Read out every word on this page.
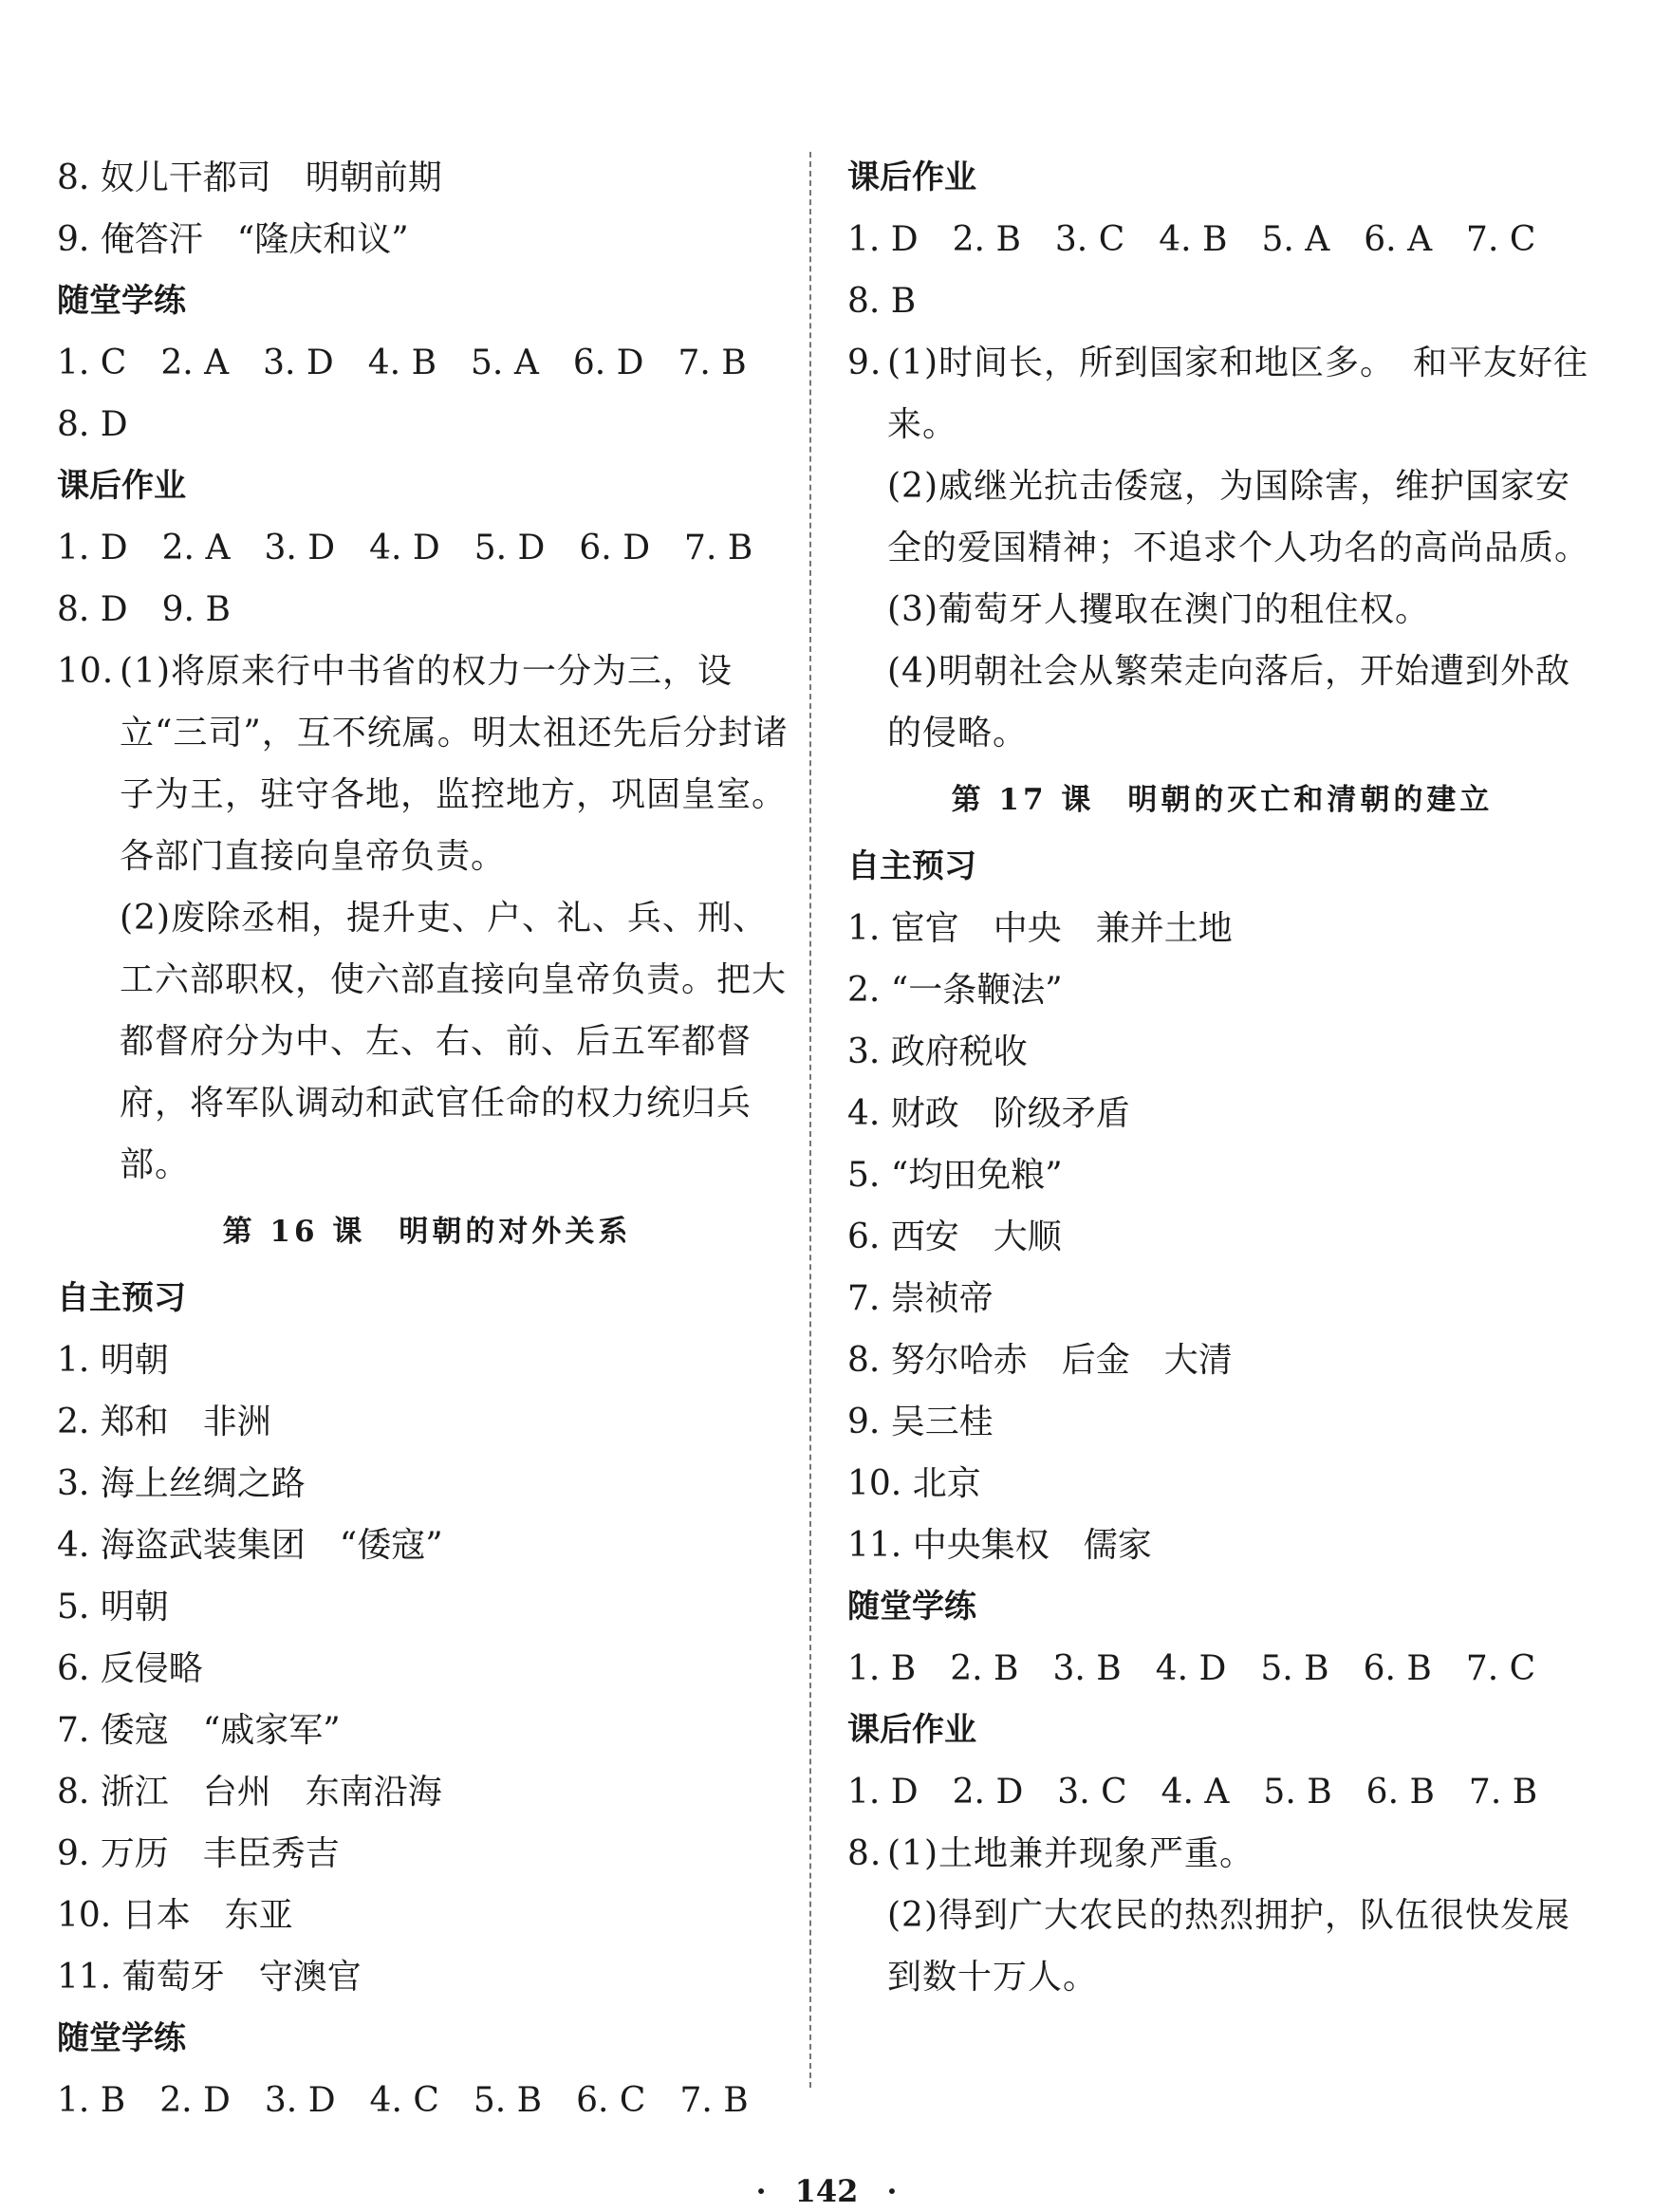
8. 奴儿干都司　明朝前期
9. 俺答汗　“隆庆和议”
随堂学练
1. C　2. A　3. D　4. B　5. A　6. D　7. B
8. D
课后作业
1. D　2. A　3. D　4. D　5. D　6. D　7. B
8. D　9. B
10. (1)将原来行中书省的权力一分为三，设立“三司”，互不统属。明太祖还先后分封诸子为王，驻守各地，监控地方，巩固皇室。各部门直接向皇帝负责。
(2)废除丞相，提升吏、户、礼、兵、刑、工六部职权，使六部直接向皇帝负责。把大都督府分为中、左、右、前、后五军都督府，将军队调动和武官任命的权力统归兵部。
第 16 课　明朝的对外关系
自主预习
1. 明朝
2. 郑和　非洲
3. 海上丝绸之路
4. 海盗武装集团　“倭寇”
5. 明朝
6. 反侵略
7. 倭寇　“戚家军”
8. 浙江　台州　东南沿海
9. 万历　丰臣秀吉
10. 日本　东亚
11. 葡萄牙　守澳官
随堂学练
1. B　2. D　3. D　4. C　5. B　6. C　7. B
课后作业
1. D　2. B　3. C　4. B　5. A　6. A　7. C
8. B
9. (1)时间长，所到国家和地区多。　和平友好往来。
(2)戚继光抗击倭寇，为国除害，维护国家安全的爱国精神；不追求个人功名的高尚品质。
(3)葡萄牙人攫取在澳门的租住权。
(4)明朝社会从繁荣走向落后，开始遭到外敌的侵略。
第 17 课　明朝的灭亡和清朝的建立
自主预习
1. 宦官　中央　兼并土地
2. “一条鞭法”
3. 政府税收
4. 财政　阶级矛盾
5. “均田免粮”
6. 西安　大顺
7. 崇祯帝
8. 努尔哈赤　后金　大清
9. 吴三桂
10. 北京
11. 中央集权　儒家
随堂学练
1. B　2. B　3. B　4. D　5. B　6. B　7. C
课后作业
1. D　2. D　3. C　4. A　5. B　6. B　7. B
8. (1)土地兼并现象严重。
(2)得到广大农民的热烈拥护，队伍很快发展到数十万人。
· 142 ·
